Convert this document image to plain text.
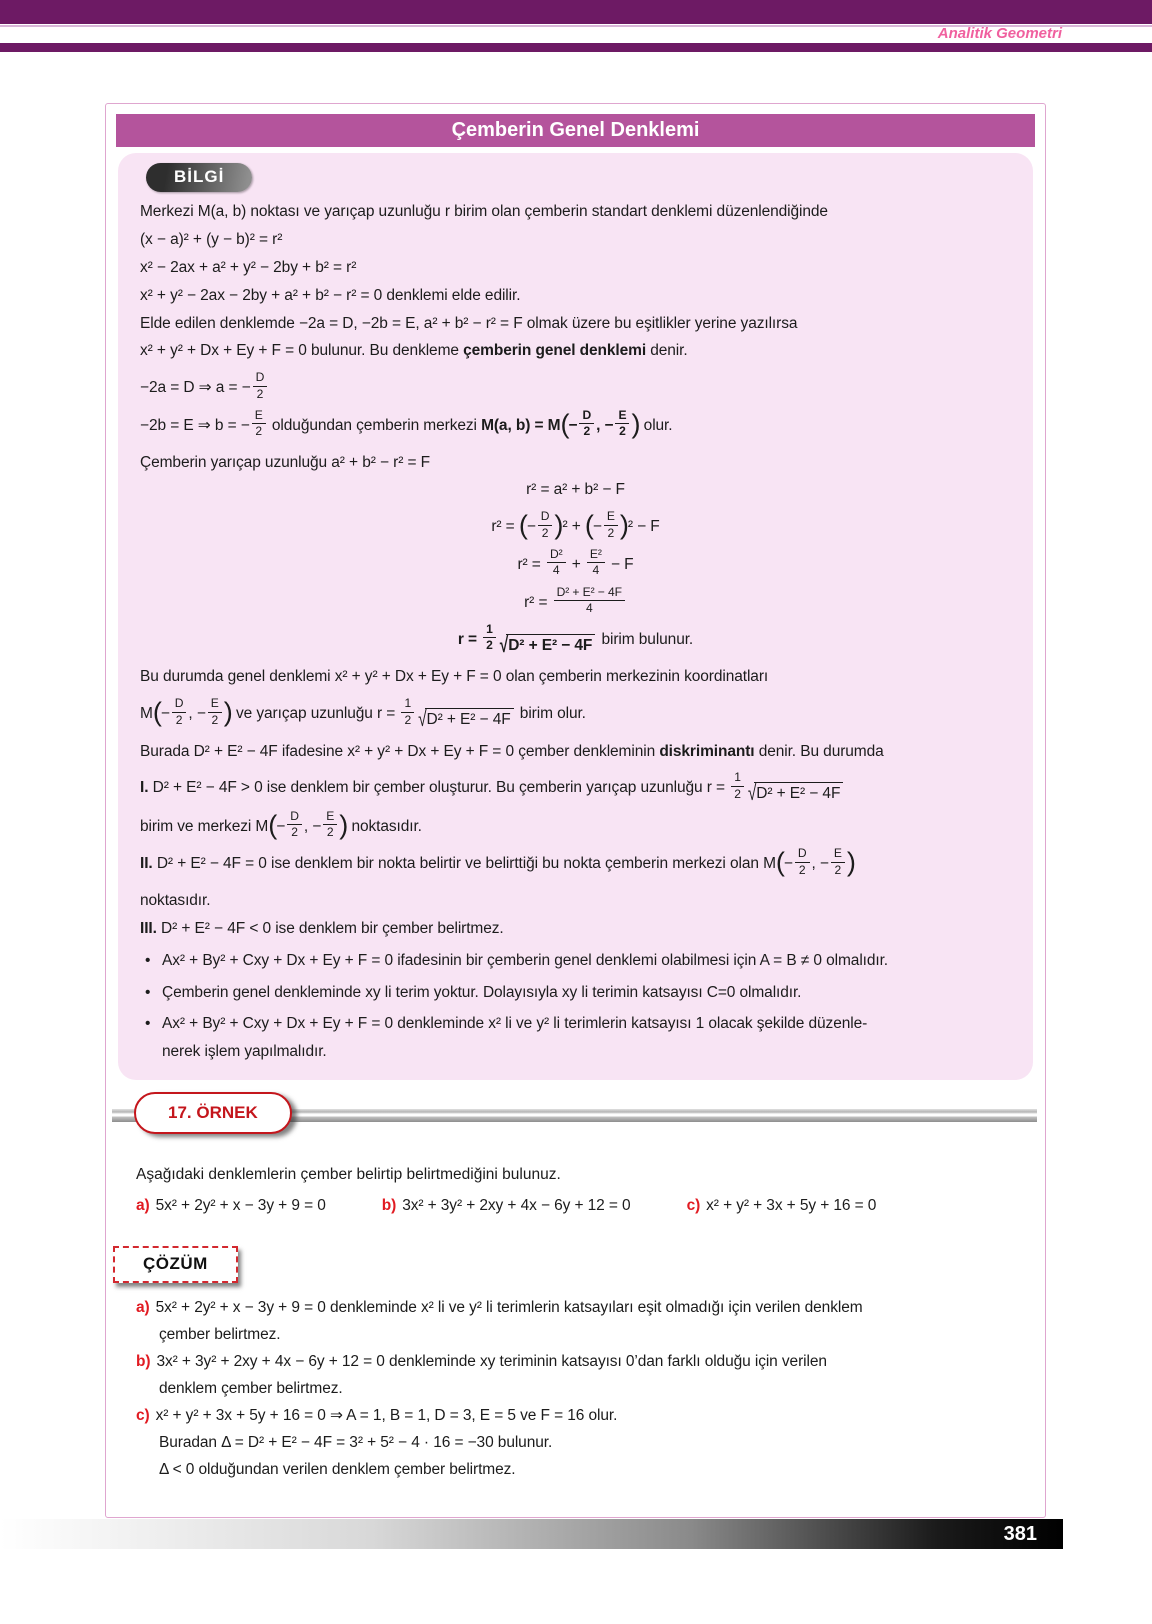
Analitik Geometri
Çemberin Genel Denklemi
BİLGİ
Merkezi M(a, b) noktası ve yarıçap uzunluğu r birim olan çemberin standart denklemi düzenlendiğinde
(x − a)² + (y − b)² = r²
x² − 2ax + a² + y² − 2by + b² = r²
x² + y² − 2ax − 2by + a² + b² − r² = 0 denklemi elde edilir.
Elde edilen denklemde −2a = D, −2b = E, a² + b² − r² = F olmak üzere bu eşitlikler yerine yazılırsa
x² + y² + Dx + Ey + F = 0 bulunur. Bu denkleme çemberin genel denklemi denir.
−2a = D ⇒ a = − $\frac{D}{2}$
−2b = E ⇒ b = − $\frac{E}{2}$ olduğundan çemberin merkezi M(a, $b) = M(- \frac{D}{2}$ , − $\frac{E}{2}$ ) olur.
Çemberin yarıçap uzunluğu a² + b² − r² = F
r² = a² + b² − F
r² = (− $\frac{D}{2} )^2$ + (− $\frac{E}{2} )^2 - F$
$r^2 = \frac{\text{D²}}{4} + \frac{\text{E²}}{4} - F$
$r^2 = \frac{\text{D² + E² − 4F}}{4}$
$r = \frac{1}{2}$ √ D² + E² − 4F birim bulunur.
Bu durumda genel denklemi x² + y² + Dx + Ey + F = 0 olan çemberin merkezinin koordinatları
$M(- \frac{D}{2}$ , − $\frac{E}{2}$ ) ve yarıçap uzunluğu $r = \frac{1}{2}$ √ D² + E² − 4F birim olur.
Burada D² + E² − 4F ifadesine x² + y² + Dx + Ey + F = 0 çember denkleminin diskriminantı denir. Bu durumda
I. D² + E² − 4F > 0 ise denklem bir çember oluşturur. Bu çemberin yarıçap uzunluğu $r = \frac{1}{2}$ √ D² + E² − 4F
birim ve merkezi $M(- \frac{D}{2}$ , − $\frac{E}{2}$ ) noktasıdır.
II. D² + E² − 4F = 0 ise denklem bir nokta belirtir ve belirttiği bu nokta çemberin merkezi olan $M(- \frac{D}{2}$ , − $\frac{E}{2}$ )
noktasıdır.
III. D² + E² − 4F < 0 ise denklem bir çember belirtmez.
• Ax² + By² + Cxy + Dx + Ey + F = 0 ifadesinin bir çemberin genel denklemi olabilmesi için A = B ≠ 0 olmalıdır.
• Çemberin genel denkleminde xy li terim yoktur. Dolayısıyla xy li terimin katsayısı C=0 olmalıdır.
• Ax² + By² + Cxy + Dx + Ey + F = 0 denkleminde x² li ve y² li terimlerin katsayısı 1 olacak şekilde düzenle-
nerek işlem yapılmalıdır.
17. ÖRNEK
Aşağıdaki denklemlerin çember belirtip belirtmediğini bulunuz.
a) 5x² + 2y² + x − 3y + 9 = 0	b) 3x² + 3y² + 2xy + 4x − 6y + 12 = 0	c) x² + y² + 3x + 5y + 16 = 0
ÇÖZÜM
a) 5x² + 2y² + x − 3y + 9 = 0 denkleminde x² li ve y² li terimlerin katsayıları eşit olmadığı için verilen denklem
çember belirtmez.
b) 3x² + 3y² + 2xy + 4x − 6y + 12 = 0 denkleminde xy teriminin katsayısı 0’dan farklı olduğu için verilen
denklem çember belirtmez.
c) x² + y² + 3x + 5y + 16 = 0 ⇒ A = 1, B = 1, D = 3, E = 5 ve F = 16 olur.
Buradan Δ = D² + E² − 4F = 3² + 5² − 4 · 16 = −30 bulunur.
Δ < 0 olduğundan verilen denklem çember belirtmez.
381
